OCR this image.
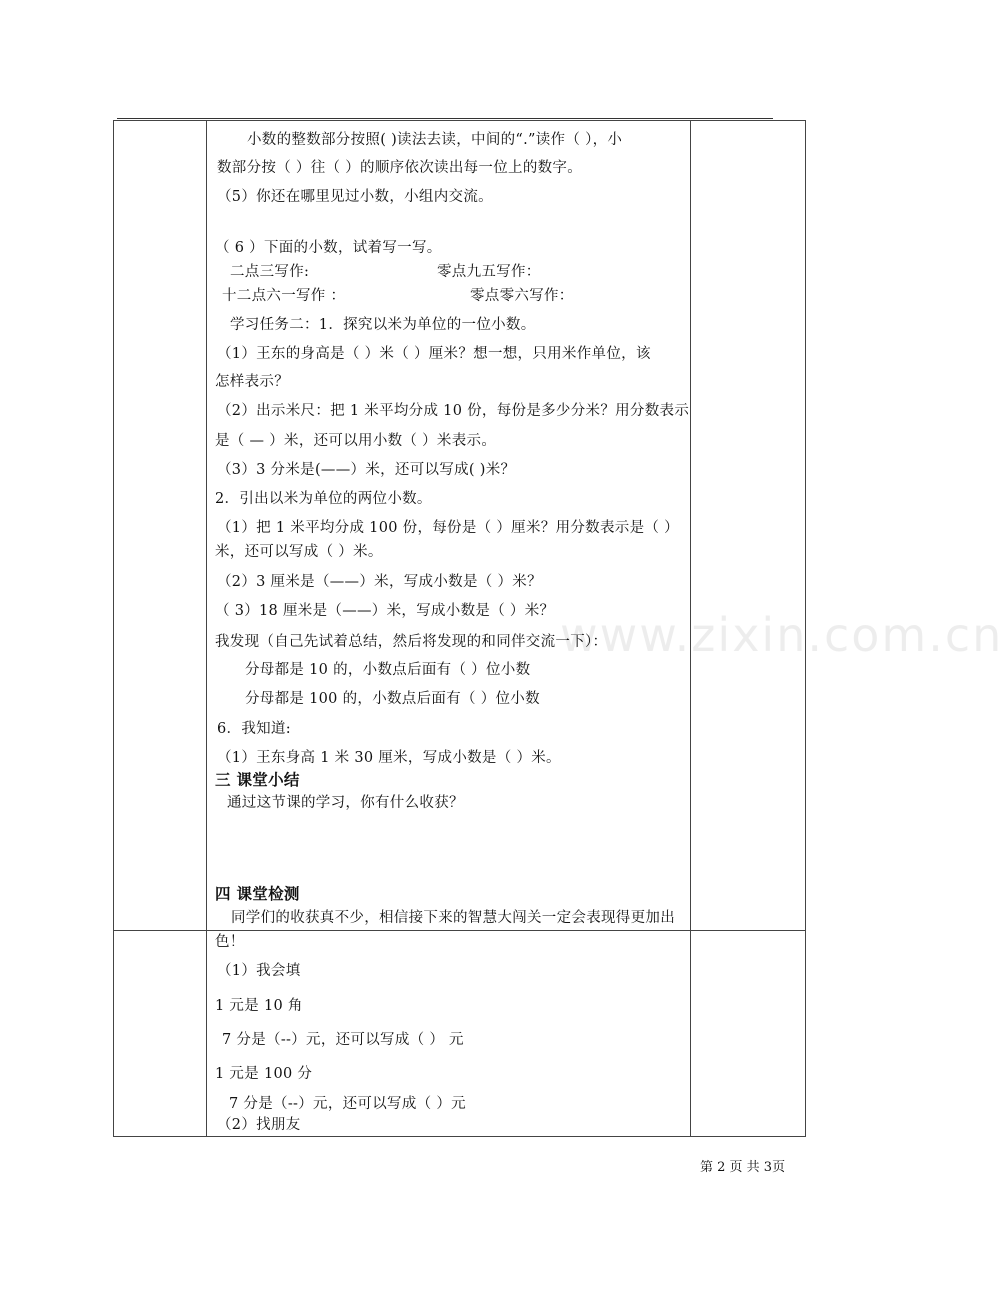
www.zixin.com.cn
小数的整数部分按照( )读法去读，中间的“.”读作（ ），小
数部分按（ ）往（ ）的顺序依次读出每一位上的数字。
（5）你还在哪里见过小数，小组内交流。
（ 6 ）下面的小数，试着写一写。
二点三写作:	零点九五写作：
十二点六一写作 ：	零点零六写作：
学习任务二：1．探究以米为单位的一位小数。
（1）王东的身高是（ ）米（ ）厘米？想一想，只用米作单位，该
怎样表示？
（2）出示米尺：把 1 米平均分成 10 份，每份是多少分米？用分数表示
是（ — ）米，还可以用小数（ ）米表示。
（3）3 分米是(——）米，还可以写成( )米？
2．引出以米为单位的两位小数。
（1）把 1 米平均分成 100 份，每份是（ ）厘米？用分数表示是（ ）
米，还可以写成（ ）米。
（2）3 厘米是（——）米，写成小数是（ ）米？
（ 3）18 厘米是（——）米，写成小数是（ ）米？
我发现（自己先试着总结，然后将发现的和同伴交流一下）：
分母都是 10 的，小数点后面有（ ）位小数
分母都是 100 的，小数点后面有（ ）位小数
6．我知道:
（1）王东身高 1 米 30 厘米，写成小数是（ ）米。
三 课堂小结
通过这节课的学习，你有什么收获？
四 课堂检测
同学们的收获真不少，相信接下来的智慧大闯关一定会表现得更加出
色！
（1）我会填
1 元是 10 角
7 分是（--）元，还可以写成（ ） 元
1 元是 100 分
7 分是（--）元，还可以写成（ ）元
（2）找朋友
第 2 页 共 3页
